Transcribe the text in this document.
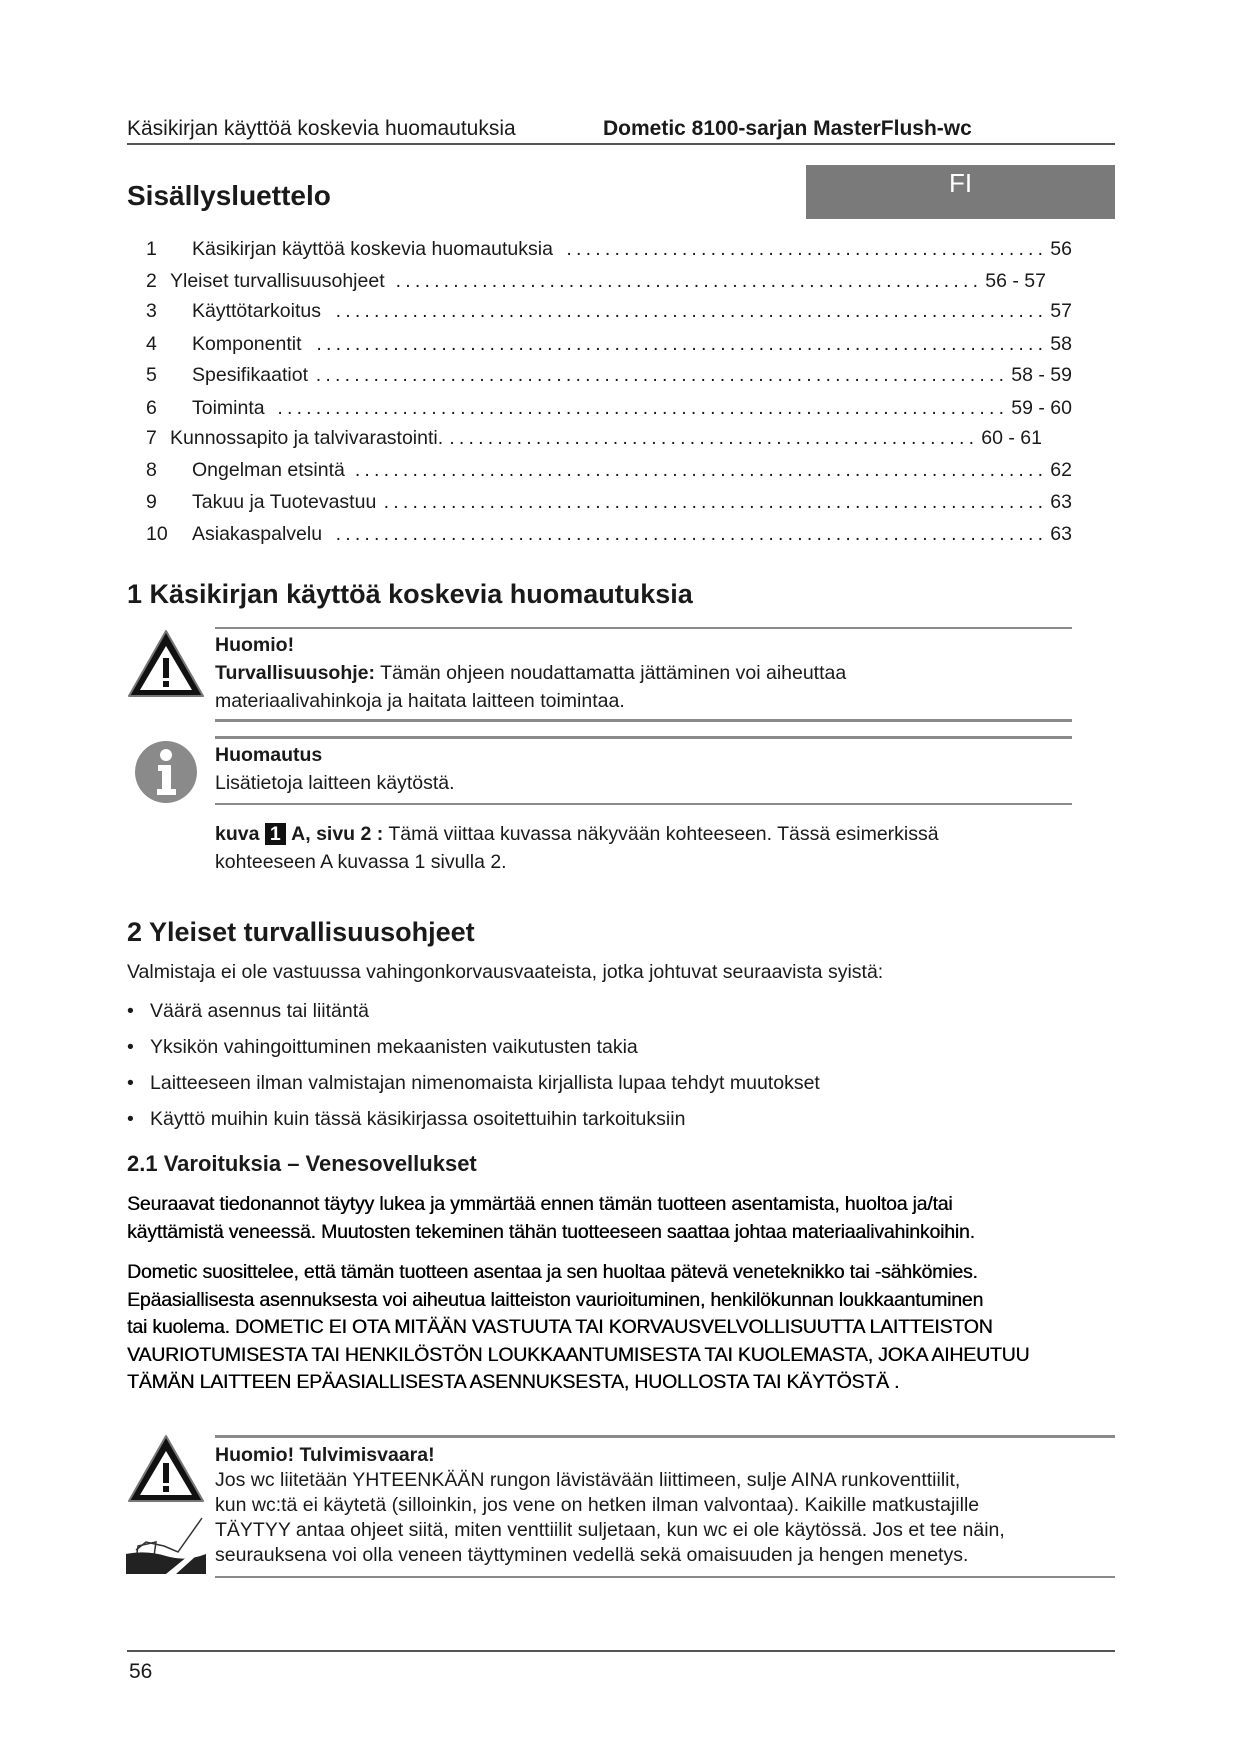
Käsikirjan käyttöä koskevia huomautuksia	Dometic 8100-sarjan MasterFlush-wc
Sisällysluettelo	FI
1	Käsikirjan käyttöä koskevia huomautuksia .................................................. 56
2 Yleiset turvallisuusohjeet ............................................................. 56 - 57
3	Käyttötarkoitus .......................................................................... 57
4	Komponentit ............................................................................ 58
5	Spesifikaatiot ........................................................................ 58 - 59
6	Toiminta ............................................................................ 59 - 60
7 Kunnossapito ja talvivarastointi. ....................................................... 60 - 61
8	Ongelman etsintä ........................................................................ 62
9	Takuu ja Tuotevastuu ..................................................................... 63
10	Asiakaspalvelu .......................................................................... 63
1 Käsikirjan käyttöä koskevia huomautuksia
Huomio!
Turvallisuusohje: Tämän ohjeen noudattamatta jättäminen voi aiheuttaa
materiaalivahinkoja ja haitata laitteen toimintaa.
Huomautus
Lisätietoja laitteen käytöstä.
kuva 1 A, sivu 2 : Tämä viittaa kuvassa näkyvään kohteeseen. Tässä esimerkissä
kohteeseen A kuvassa 1 sivulla 2.
2 Yleiset turvallisuusohjeet
Valmistaja ei ole vastuussa vahingonkorvausvaateista, jotka johtuvat seuraavista syistä:
• Väärä asennus tai liitäntä
• Yksikön vahingoittuminen mekaanisten vaikutusten takia
• Laitteeseen ilman valmistajan nimenomaista kirjallista lupaa tehdyt muutokset
• Käyttö muihin kuin tässä käsikirjassa osoitettuihin tarkoituksiin
2.1 Varoituksia – Venesovellukset
Seuraavat tiedonannot täytyy lukea ja ymmärtää ennen tämän tuotteen asentamista, huoltoa ja/tai
käyttämistä veneessä. Muutosten tekeminen tähän tuotteeseen saattaa johtaa materiaalivahinkoihin.
Dometic suosittelee, että tämän tuotteen asentaa ja sen huoltaa pätevä veneteknikko tai -sähkömies.
Epäasiallisesta asennuksesta voi aiheutua laitteiston vaurioituminen, henkilökunnan loukkaantuminen
tai kuolema. DOMETIC EI OTA MITÄÄN VASTUUTA TAI KORVAUSVELVOLLISUUTTA LAITTEISTON
VAURIOTUMISESTA TAI HENKILÖSTÖN LOUKKAANTUMISESTA TAI KUOLEMASTA, JOKA AIHEUTUU
TÄMÄN LAITTEEN EPÄASIALLISESTA ASENNUKSESTA, HUOLLOSTA TAI KÄYTÖSTÄ .
Huomio! Tulvimisvaara!
Jos wc liitetään YHTEENKÄÄN rungon lävistävään liittimeen, sulje AINA runkoventtiilit,
kun wc:tä ei käytetä (silloinkin, jos vene on hetken ilman valvontaa). Kaikille matkustajille
TÄYTYY antaa ohjeet siitä, miten venttiilit suljetaan, kun wc ei ole käytössä. Jos et tee näin,
seurauksena voi olla veneen täyttyminen vedellä sekä omaisuuden ja hengen menetys.
56
